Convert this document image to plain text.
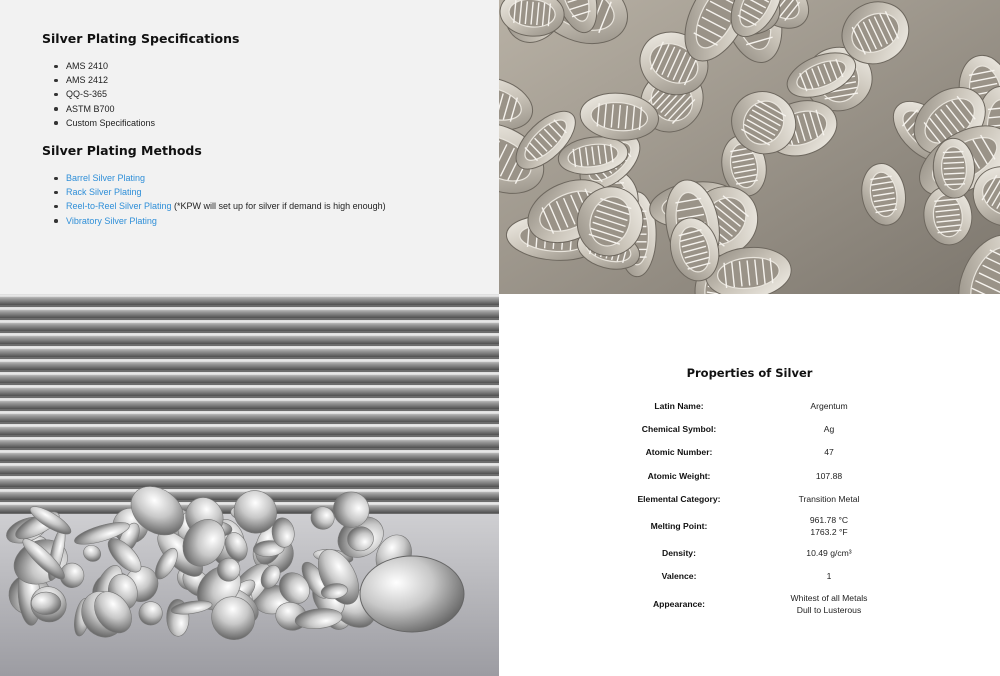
Silver Plating Specifications
AMS 2410
AMS 2412
QQ-S-365
ASTM B700
Custom Specifications
Silver Plating Methods
Barrel Silver Plating
Rack Silver Plating
Reel-to-Reel Silver Plating (*KPW will set up for silver if demand is high enough)
Vibratory Silver Plating
Properties of Silver
Latin Name:	Argentum

Chemical Symbol:	Ag

Atomic Number:	47

Atomic Weight:	107.88

Elemental Category:	Transition Metal

Melting Point:	961.78 °C
1763.2 °F

Density:	10.49 g/cm³

Valence:	1

Appearance:	Whitest of all Metals
Dull to Lusterous
